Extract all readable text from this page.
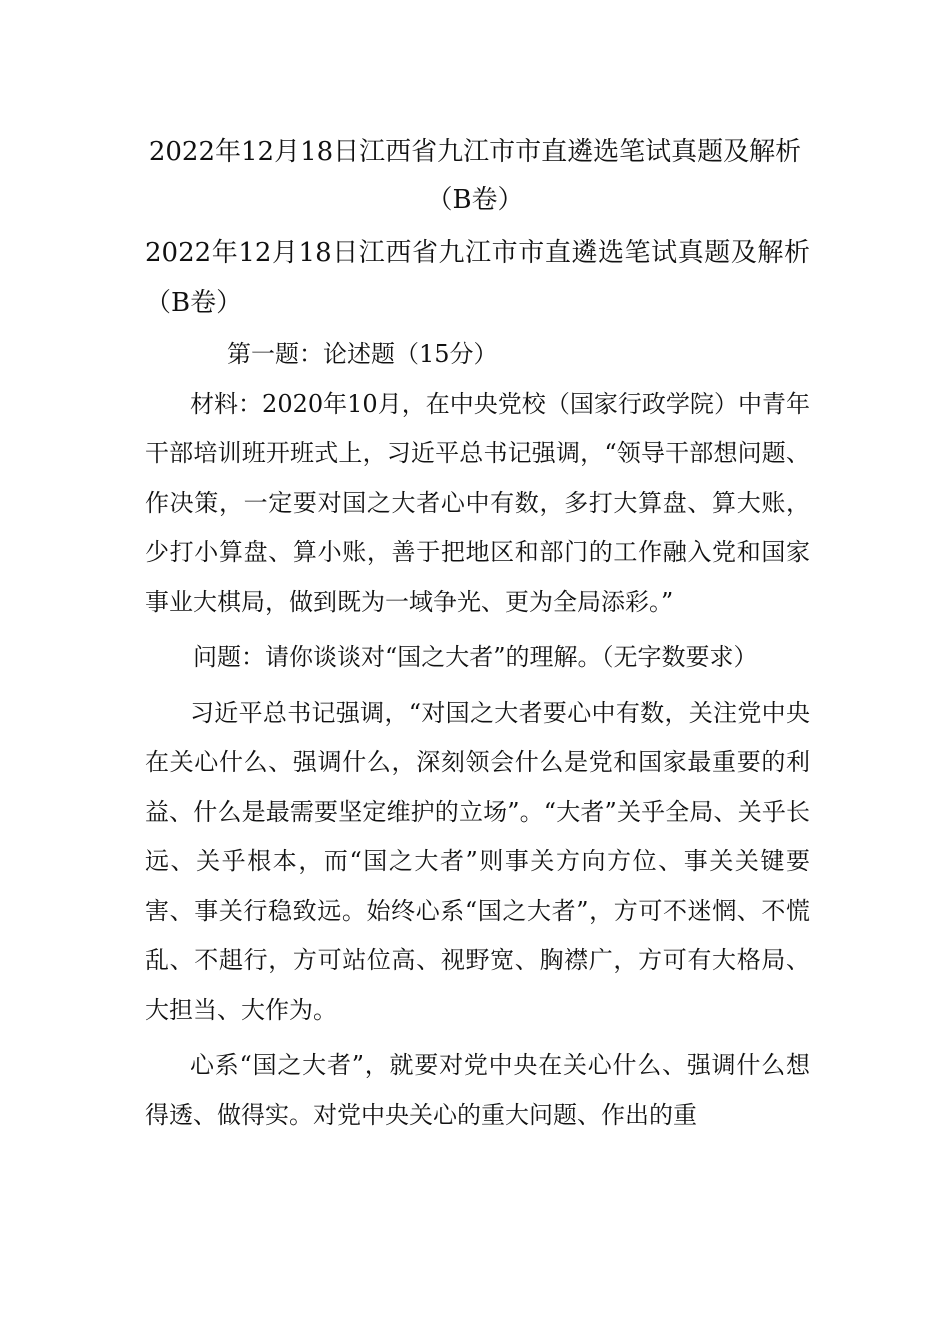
2022年12月18日江西省九江市市直遴选笔试真题及解析（B卷）
2022年12月18日江西省九江市市直遴选笔试真题及解析（B卷）

第一题：论述题（15分）

材料：2020年10月，在中央党校（国家行政学院）中青年干部培训班开班式上，习近平总书记强调，“领导干部想问题、作决策，一定要对国之大者心中有数，多打大算盘、算大账，少打小算盘、算小账，善于把地区和部门的工作融入党和国家事业大棋局，做到既为一域争光、更为全局添彩。”

问题：请你谈谈对“国之大者”的理解。（无字数要求）

习近平总书记强调，“对国之大者要心中有数，关注党中央在关心什么、强调什么，深刻领会什么是党和国家最重要的利益、什么是最需要坚定维护的立场”。“大者”关乎全局、关乎长远、关乎根本，而“国之大者”则事关方向方位、事关关键要害、事关行稳致远。始终心系“国之大者”，方可不迷惘、不慌乱、不趄行，方可站位高、视野宽、胸襟广，方可有大格局、大担当、大作为。

心系“国之大者”，就要对党中央在关心什么、强调什么想得透、做得实。对党中央关心的重大问题、作出的重
